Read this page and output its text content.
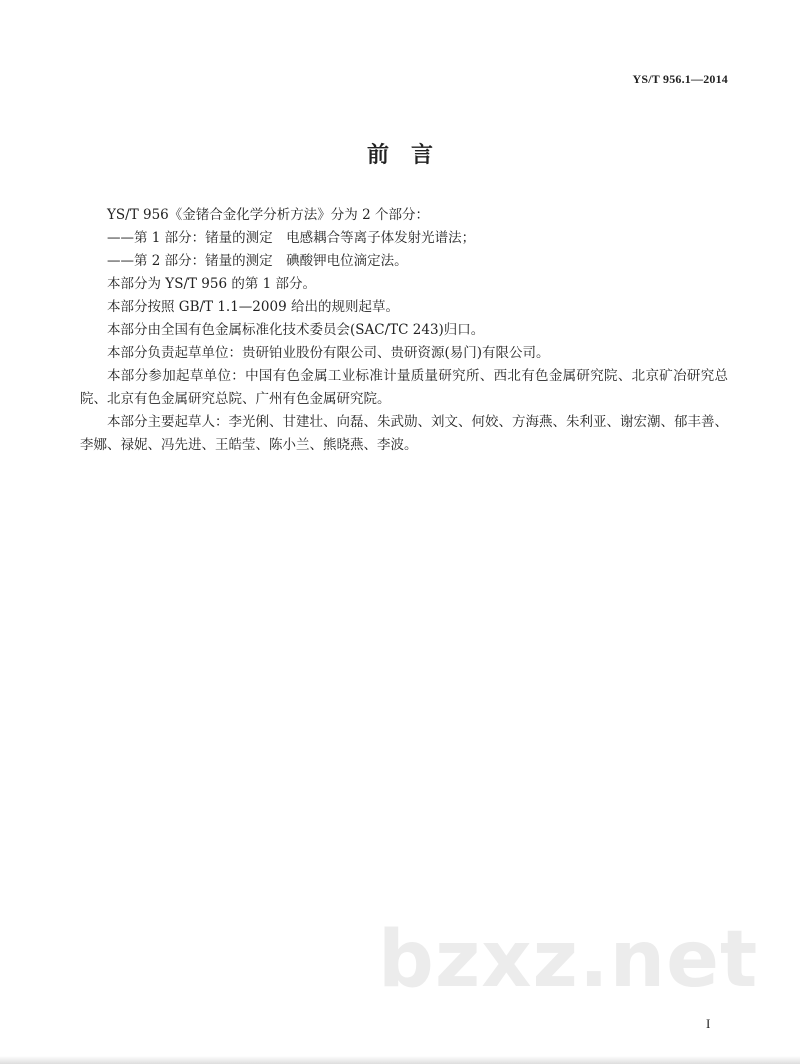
YS/T 956.1—2014
前言

YS/T 956《金锗合金化学分析方法》分为 2 个部分：

——第 1 部分：锗量的测定　电感耦合等离子体发射光谱法；

——第 2 部分：锗量的测定　碘酸钾电位滴定法。

本部分为 YS/T 956 的第 1 部分。

本部分按照 GB/T 1.1—2009 给出的规则起草。

本部分由全国有色金属标准化技术委员会(SAC/TC 243)归口。

本部分负责起草单位：贵研铂业股份有限公司、贵研资源(易门)有限公司。

本部分参加起草单位：中国有色金属工业标准计量质量研究所、西北有色金属研究院、北京矿冶研究总院、北京有色金属研究总院、广州有色金属研究院。

本部分主要起草人：李光俐、甘建壮、向磊、朱武勋、刘文、何姣、方海燕、朱利亚、谢宏潮、郁丰善、李娜、禄妮、冯先进、王皓莹、陈小兰、熊晓燕、李波。

bzxz.net
I
